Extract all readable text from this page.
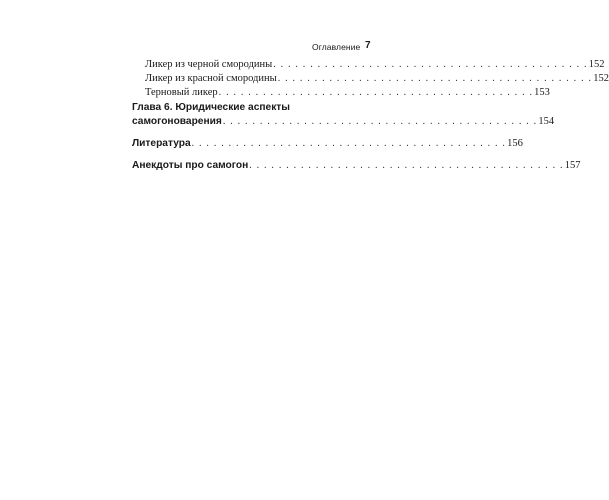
Оглавление 7
Ликер из черной смородины . . . . . . . . . . . . . . . . . . . . . . . . . . . . . . . . . . . . . . . . . . . 152
Ликер из красной смородины . . . . . . . . . . . . . . . . . . . . . . . . . . . . . . . . . . . . . . . . . . . 152
Терновый ликер . . . . . . . . . . . . . . . . . . . . . . . . . . . . . . . . . . . . . . . . . . . 153
Глава 6. Юридические аспекты
самогоноварения . . . . . . . . . . . . . . . . . . . . . . . . . . . . . . . . . . . . . . . . . . . 154
Литература . . . . . . . . . . . . . . . . . . . . . . . . . . . . . . . . . . . . . . . . . . . 156
Анекдоты про самогон . . . . . . . . . . . . . . . . . . . . . . . . . . . . . . . . . . . . . . . . . . . 157
